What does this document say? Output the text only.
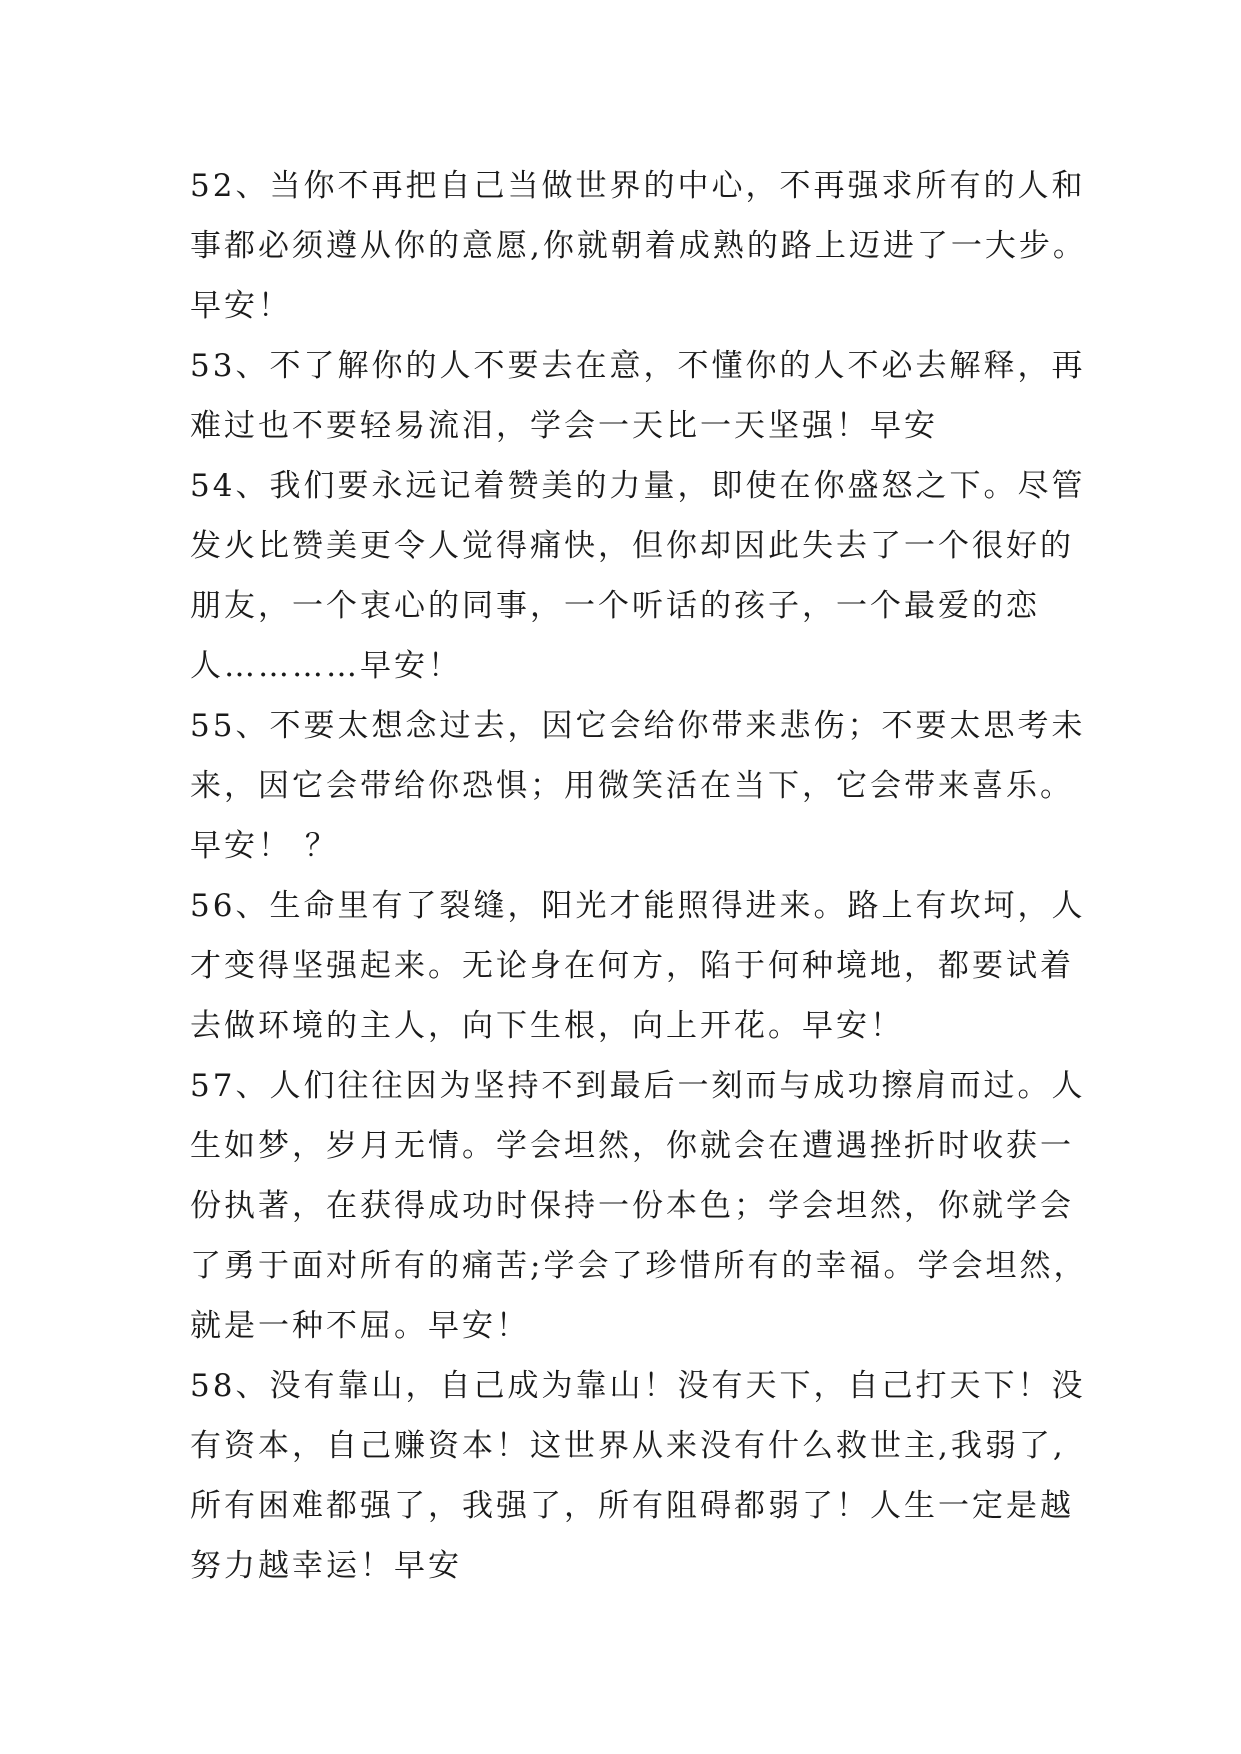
52、当你不再把自己当做世界的中心，不再强求所有的人和
事都必须遵从你的意愿,你就朝着成熟的路上迈进了一大步。
早安！
53、不了解你的人不要去在意，不懂你的人不必去解释，再
难过也不要轻易流泪，学会一天比一天坚强！早安
54、我们要永远记着赞美的力量，即使在你盛怒之下。尽管
发火比赞美更令人觉得痛快，但你却因此失去了一个很好的
朋友，一个衷心的同事，一个听话的孩子，一个最爱的恋
人…………早安！
55、不要太想念过去，因它会给你带来悲伤；不要太思考未
来，因它会带给你恐惧；用微笑活在当下，它会带来喜乐。
早安！ ？
56、生命里有了裂缝，阳光才能照得进来。路上有坎坷，人
才变得坚强起来。无论身在何方，陷于何种境地，都要试着
去做环境的主人，向下生根，向上开花。早安！
57、人们往往因为坚持不到最后一刻而与成功擦肩而过。人
生如梦，岁月无情。学会坦然，你就会在遭遇挫折时收获一
份执著，在获得成功时保持一份本色；学会坦然，你就学会
了勇于面对所有的痛苦;学会了珍惜所有的幸福。学会坦然，
就是一种不屈。早安！
58、没有靠山，自己成为靠山！没有天下，自己打天下！没
有资本，自己赚资本！这世界从来没有什么救世主,我弱了,
所有困难都强了，我强了，所有阻碍都弱了！人生一定是越
努力越幸运！早安
